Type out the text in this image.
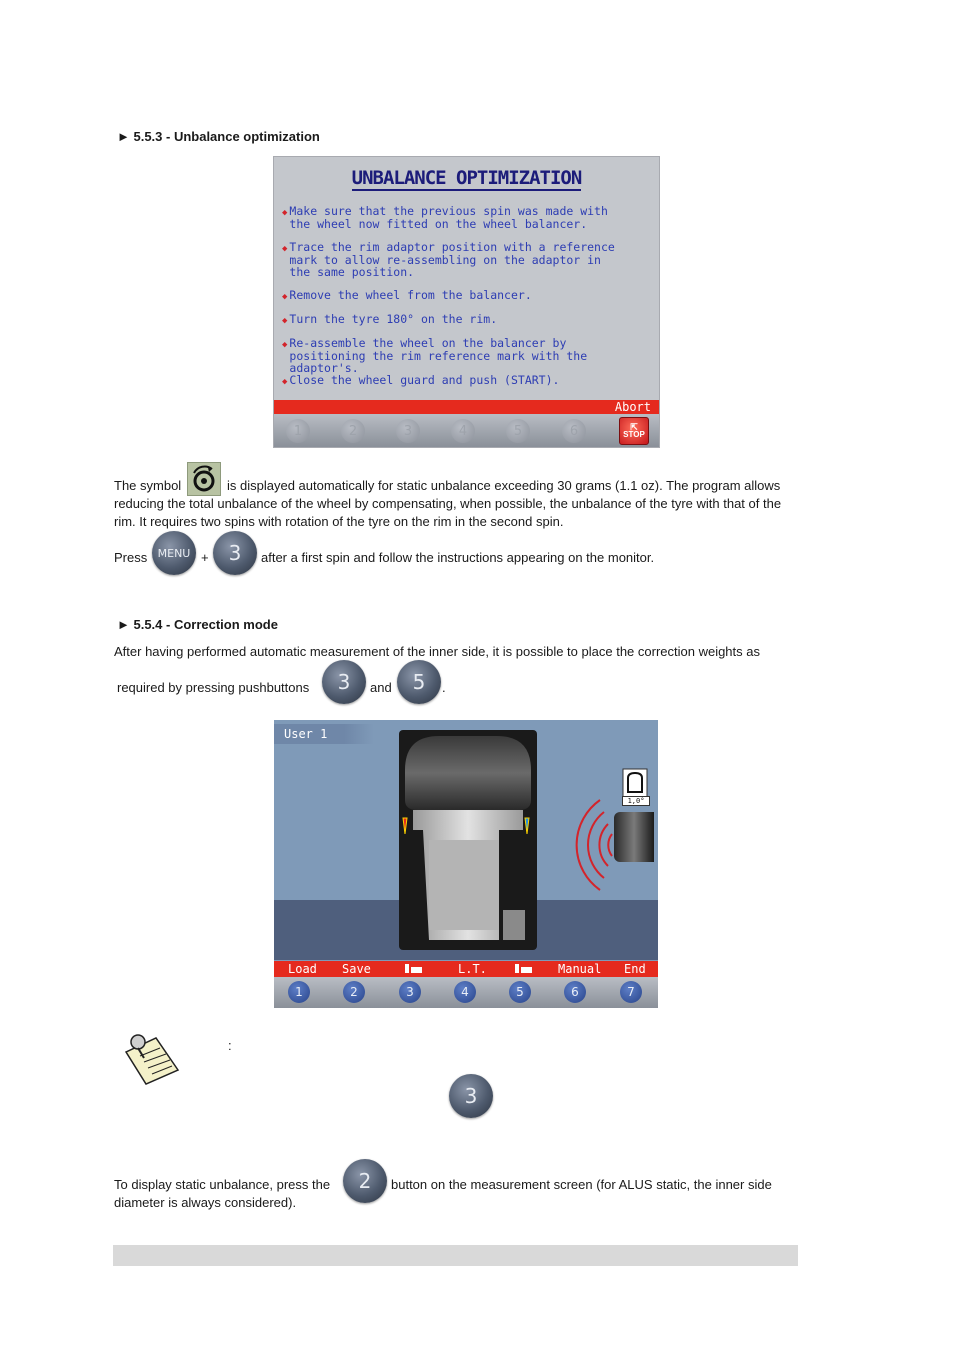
► 5.5.3 - Unbalance optimization
UNBALANCE OPTIMIZATION
◆ Make sure that the previous spin was made with
the wheel now fitted on the wheel balancer.
◆ Trace the rim adaptor position with a reference
mark to allow re-assembling on the adaptor in
the same position.
◆ Remove the wheel from the balancer.
◆ Turn the tyre 180° on the rim.
◆ Re-assemble the wheel on the balancer by
positioning the rim reference mark with the
adaptor's.
◆ Close the wheel guard and push (START).
Abort
1	2	3	4	5	6	⇱
STOP
The symbol	is displayed automatically for static unbalance exceeding 30 grams (1.1 oz). The program allows
reducing the total unbalance of the wheel by compensating, when possible, the unbalance of the tyre with that of the
rim. It requires two spins with rotation of the tyre on the rim in the second spin.
Press MENU +	3	after a first spin and follow the instructions appearing on the monitor.
► 5.5.4 - Correction mode
After having performed automatic measurement of the inner side, it is possible to place the correction weights as
required by pressing pushbuttons	3	and	5	.
User 1
1,0°
Load Save	L.T.	Manual End
1	2	3	4	5	6	7
:
3
To display static unbalance, press the	2	button on the measurement screen (for ALUS static, the inner side
diameter is always considered).
